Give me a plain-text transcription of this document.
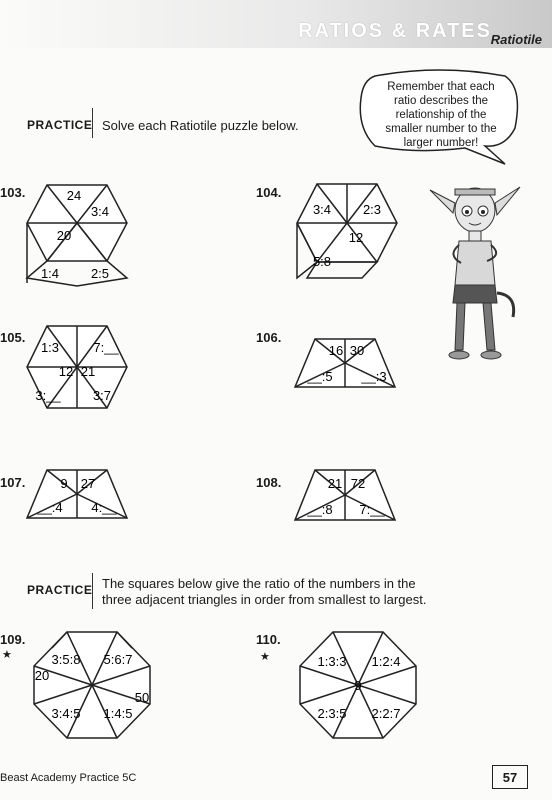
RATIOS & RATES
Ratiotile
Remember that each ratio describes the relationship of the smaller number to the larger number!
PRACTICE Solve each Ratiotile puzzle below.
103.	24
3:4
20
1:4 2:5
104.
3:4 2:3
12
5:8
105.
1:3	7:__
12 21
3:__ 3:7
106.
16 30
__:5 __:3
107.	9 27
__:4 4:__
108.	21 72
__:8 7:__
PRACTICE The squares below give the ratio of the numbers in the three adjacent triangles in order from smallest to largest.
109.
★	3:5:8 5:6:7
20
50
3:4:5 1:4:5
110.
★	1:3:3 1:2:4
9
2:3:5 2:2:7
Beast Academy Practice 5C	57
